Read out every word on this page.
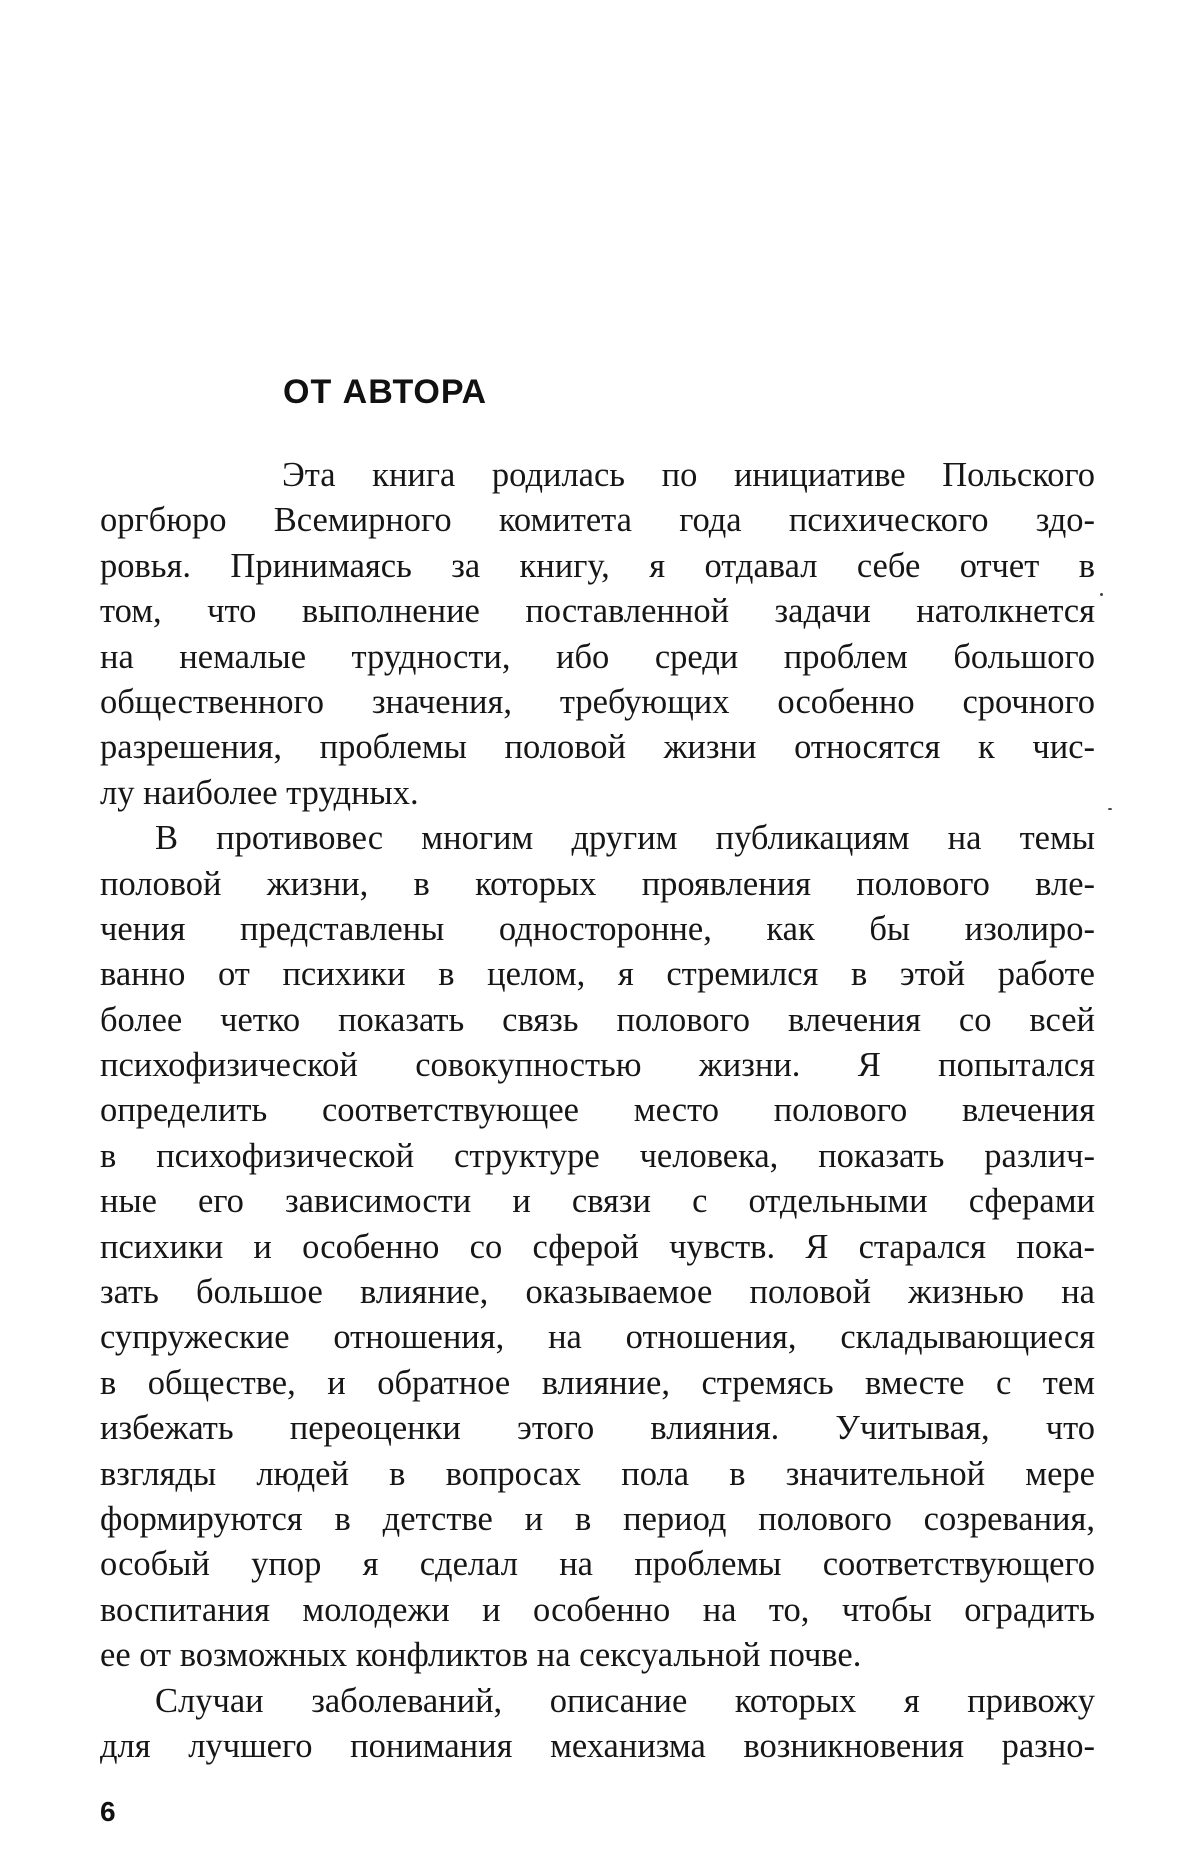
ОТ АВТОРА
Эта книга родилась по инициативе Польского
оргбюро Всемирного комитета года психического здо-
ровья. Принимаясь за книгу, я отдавал себе отчет в
том, что выполнение поставленной задачи натолкнется
на немалые трудности, ибо среди проблем большого
общественного значения, требующих особенно срочного
разрешения, проблемы половой жизни относятся к чис-
лу наиболее трудных.
В противовес многим другим публикациям на темы
половой жизни, в которых проявления полового вле-
чения представлены односторонне, как бы изолиро-
ванно от психики в целом, я стремился в этой работе
более четко показать связь полового влечения со всей
психофизической совокупностью жизни. Я попытался
определить соответствующее место полового влечения
в психофизической структуре человека, показать различ-
ные его зависимости и связи с отдельными сферами
психики и особенно со сферой чувств. Я старался пока-
зать большое влияние, оказываемое половой жизнью на
супружеские отношения, на отношения, складывающиеся
в обществе, и обратное влияние, стремясь вместе с тем
избежать переоценки этого влияния. Учитывая, что
взгляды людей в вопросах пола в значительной мере
формируются в детстве и в период полового созревания,
особый упор я сделал на проблемы соответствующего
воспитания молодежи и особенно на то, чтобы оградить
ее от возможных конфликтов на сексуальной почве.
Случаи заболеваний, описание которых я привожу
для лучшего понимания механизма возникновения разно-
6
